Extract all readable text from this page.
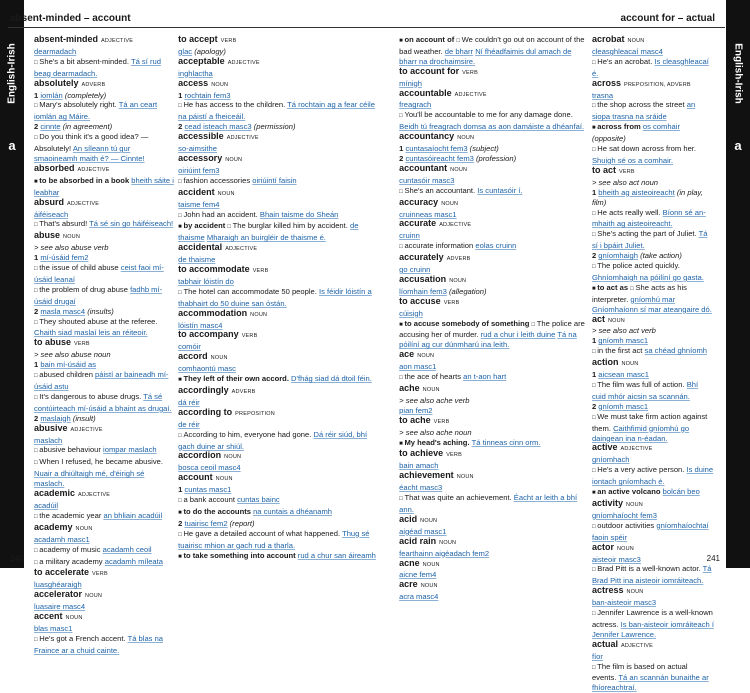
English-Irish
a
English-Irish
a
absent-minded – account	account for – actual
absent-minded ADJECTIVE
dearmadach
□ She's a bit absent-minded. Tá sí rud beag dearmadach.
absolutely ADVERB
1 iomlán (completely)
□ Mary's absolutely right. Tá an ceart iomlán ag Máire.
2 cinnte (in agreement)
□ Do you think it's a good idea? — Absolutely! An síleann tú gur smaoineamh maith é? — Cinnte!
absorbed ADJECTIVE
■ to be absorbed in a book bheith sáite i leabhar
absurd ADJECTIVE
áiféiseach
□ That's absurd! Tá sé sin go háiféiseach!
abuse NOUN
> see also abuse verb
1 mí-úsáid fem2
□ the issue of child abuse ceist faoi mí-úsáid leanaí
□ the problem of drug abuse fadhb mí-úsáid drugaí
2 masla masc4 (insults)
□ They shouted abuse at the referee. Chaith siad maslaí leis an réiteoir.
to abuse VERB
> see also abuse noun
1 bain mí-úsáid as
□ abused children páistí ar baineadh mí-úsáid astu
□ It's dangerous to abuse drugs. Tá sé contúirteach mí-úsáid a bhaint as drugaí.
2 maslaigh (insult)
abusive ADJECTIVE
maslach
□ abusive behaviour iompar maslach
□ When I refused, he became abusive. Nuair a dhiúltaigh mé, d'éirigh sé maslach.
academic ADJECTIVE
acadúil
□ the academic year an bhliain acadúil
academy NOUN
acadamh masc1
□ academy of music acadamh ceoil
□ a military academy acadamh míleata
to accelerate VERB
luasghéaraigh
accelerator NOUN
luasaire masc4
accent NOUN
blas masc1
□ He's got a French accent. Tá blas na Fraince ar a chuid cainte.
to accept VERB
glac (apology)
acceptable ADJECTIVE
inghlactha
access NOUN
1 rochtain fem3
□ He has access to the children. Tá rochtain ag a fear céile na páistí a fheiceáil.
2 cead isteach masc3 (permission)
accessible ADJECTIVE
so-aimsithe
accessory NOUN
oiriúint fem3
□ fashion accessories oiriúintí faisin
accident NOUN
taisme fem4
□ John had an accident. Bhain taisme do Sheán
■ by accident □ The burglar killed him by accident. de thaisme Mharaigh an buirgléir de thaisme é.
accidental ADJECTIVE
de thaisme
to accommodate VERB
tabhair lóistín do
□ The hotel can accommodate 50 people. Is féidir lóistín a thabhairt do 50 duine san óstán.
accommodation NOUN
lóistín masc4
to accompany VERB
comóir
accord NOUN
comhaontú masc
■ They left of their own accord. D'fhág siad dá dtoil féin.
accordingly ADVERB
dá réir
according to PREPOSITION
de réir
□ According to him, everyone had gone. Dá réir siúd, bhí gach duine ar shiúl.
accordion NOUN
bosca ceoil masc4
account NOUN
1 cuntas masc1
□ a bank account cuntas bainc
■ to do the accounts na cuntais a dhéanamh
2 tuairisc fem2 (report)
□ He gave a detailed account of what happened. Thug sé tuairisc mhion ar gach rud a tharla.
■ to take something into account rud a chur san áireamh
■ on account of □ We couldn't go out on account of the bad weather. de bharr Ní fhéadfaimis dul amach de bharr na drochaimsire.
to account for VERB
mínigh
accountable ADJECTIVE
freagrach
□ You'll be accountable to me for any damage done. Beidh tú freagrach domsa as aon damáiste a dhéanfaí.
accountancy NOUN
1 cuntasaíocht fem3 (subject)
2 cuntasóireacht fem3 (profession)
accountant NOUN
cuntasóir masc3
□ She's an accountant. Is cuntasóir í.
accuracy NOUN
cruinneas masc1
accurate ADJECTIVE
cruinn
□ accurate information eolas cruinn
accurately ADVERB
go cruinn
accusation NOUN
líomhain fem3 (allegation)
to accuse VERB
cúisigh
■ to accuse somebody of something □ The police are accusing her of murder. rud a chur i leith duine Tá na póilíní ag cur dúnmharú ina leith.
ace NOUN
aon masc1
□ the ace of hearts an t-aon hart
ache NOUN
> see also ache verb
pian fem2
to ache VERB
> see also ache noun
■ My head's aching. Tá tinneas cinn orm.
to achieve VERB
bain amach
achievement NOUN
éacht masc3
□ That was quite an achievement. Éacht ar leith a bhí ann.
acid NOUN
aigéad masc1
acid rain NOUN
fearthainn aigéadach fem2
acne NOUN
aicne fem4
acre NOUN
acra masc4
acrobat NOUN
cleasghleacaí masc4
□ He's an acrobat. Is cleasghleacaí é.
across PREPOSITION, ADVERB
trasna
□ the shop across the street an siopa trasna na sráide
■ across from os comhair (opposite)
□ He sat down across from her. Shuigh sé os a comhair.
to act VERB
> see also act noun
1 bheith ag aisteoireacht (in play, film)
□ He acts really well. Bíonn sé an-mhaith ag aisteoireacht.
□ She's acting the part of Juliet. Tá sí i bpáirt Juliet.
2 gníomhaigh (take action)
□ The police acted quickly. Ghníomhaigh na póilíní go gasta.
■ to act as □ She acts as his interpreter. gníomhú mar Gníomhaíonn sí mar ateangaire dó.
act NOUN
> see also act verb
1 gníomh masc1
□ in the first act sa chéad ghníomh
action NOUN
1 aicsean masc1
□ The film was full of action. Bhí cuid mhór aicsin sa scannán.
2 gníomh masc1
□ We must take firm action against them. Caithfimid gníomhú go daingean ina n-éadan.
active ADJECTIVE
gníomhach
□ He's a very active person. Is duine iontach gníomhach é.
■ an active volcano bolcán beo
activity NOUN
gníomhaíocht fem3
□ outdoor activities gníomhaíochtaí faoin spéir
actor NOUN
aisteoir masc3
□ Brad Pitt is a well-known actor. Tá Brad Pitt ina aisteoir iomráiteach.
actress NOUN
ban-aisteoir masc3
□ Jennifer Lawrence is a well-known actress. Is ban-aisteoir iomráiteach í Jennifer Lawrence.
actual ADJECTIVE
fíor
□ The film is based on actual events. Tá an scannán bunaithe ar fhíoreachtraí.
240	241
